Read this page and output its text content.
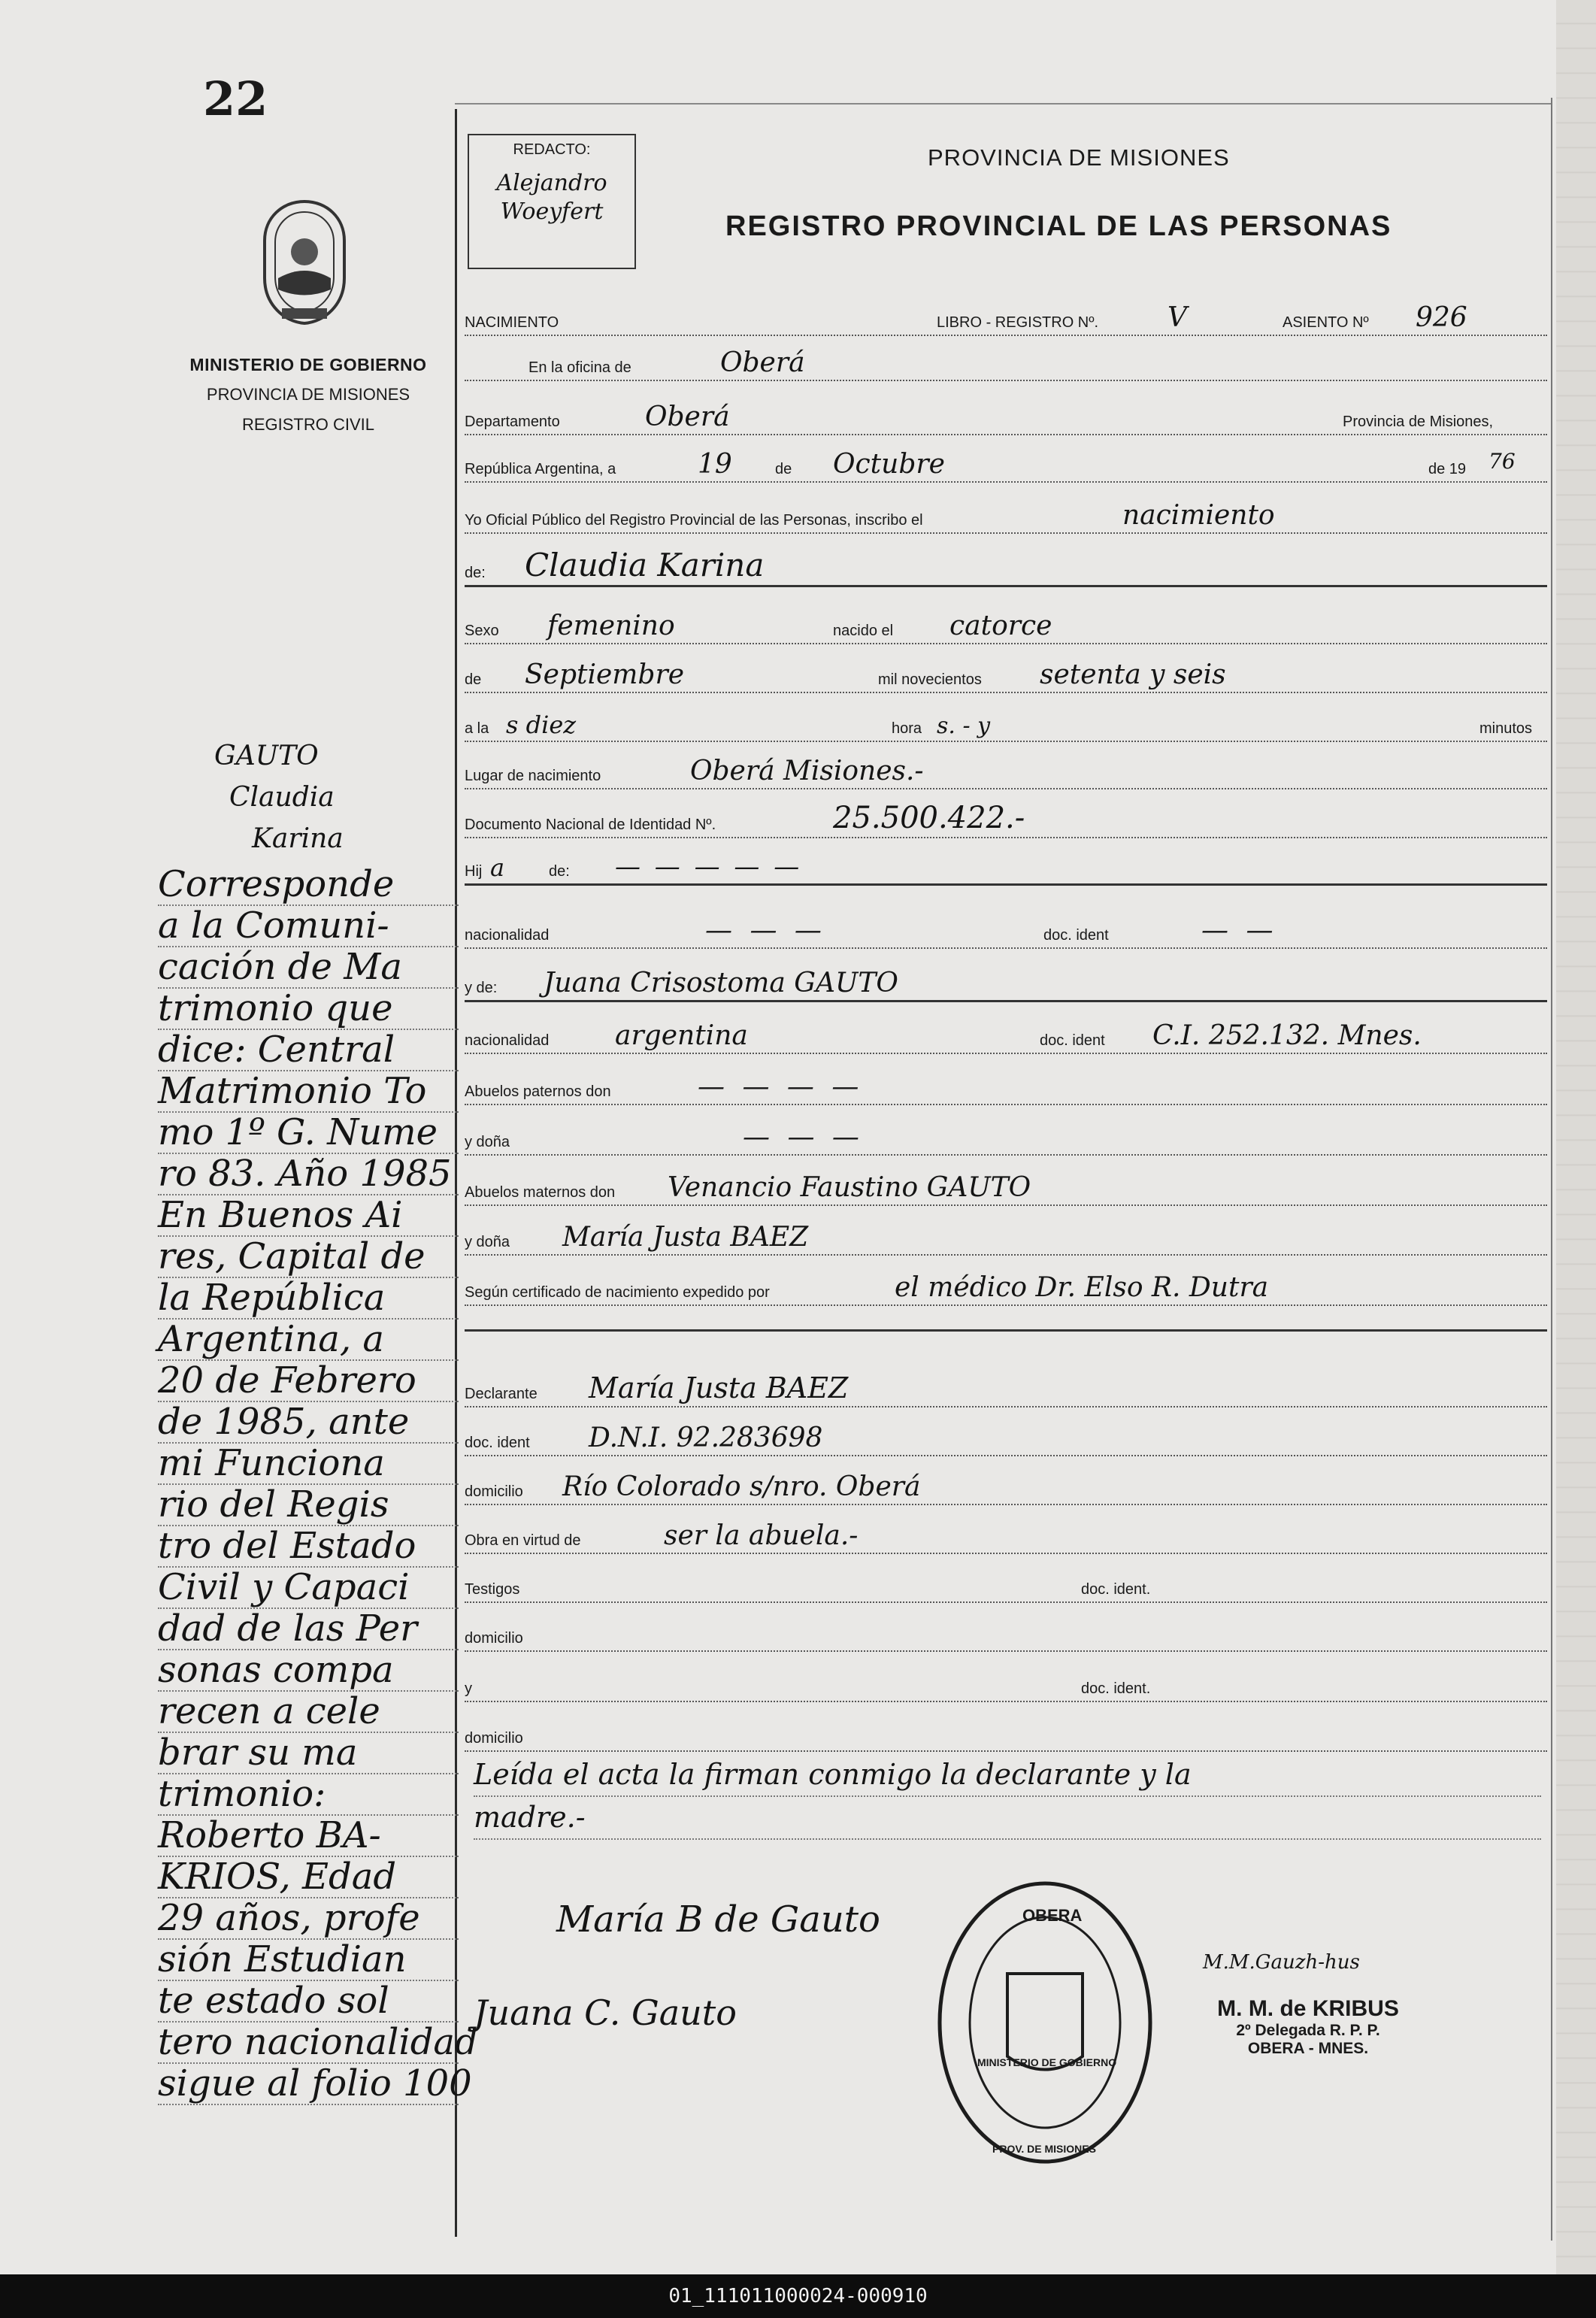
01_111011000024-000910
22
MINISTERIO DE GOBIERNO
PROVINCIA DE MISIONES
REGISTRO CIVIL
REDACTO:
Alejandro Woeyfert
PROVINCIA DE MISIONES
REGISTRO PROVINCIAL DE LAS PERSONAS
NACIMIENTO	LIBRO - REGISTRO Nº.	V	ASIENTO Nº 926
En la oficina de	Oberá
Departamento	Oberá	Provincia de Misiones,
República Argentina, a	19	de Octubre	de 19 76
Yo Oficial Público del Registro Provincial de las Personas, inscribo el	nacimiento
de: Claudia Karina
Sexo femenino	nacido el catorce
de Septiembre	mil novecientos setenta y seis
a la s diez	hora s. - y	minutos
Lugar de nacimiento	Oberá Misiones.-
Documento Nacional de Identidad Nº.	25.500.422.-
Hij a	de: — — — — —
nacionalidad	— — —	doc. ident	— —
y de: Juana Crisostoma GAUTO
nacionalidad argentina	doc. ident C.I. 252.132. Mnes.
Abuelos paternos don	— — — —
y doña	— — —
Abuelos maternos don Venancio Faustino GAUTO
y doña María Justa BAEZ
Según certificado de nacimiento expedido por	el médico Dr. Elso R. Dutra
Declarante María Justa BAEZ
doc. ident D.N.I. 92.283698
domicilio Río Colorado s/nro. Oberá
Obra en virtud de	ser la abuela.-
Testigos	doc. ident.
domicilio
y	doc. ident.
domicilio
Leída el acta la firman conmigo la declarante y la
madre.-
María B de Gauto
Juana C. Gauto
M.M.Gauzh-hus
OBERA
MINISTERIO DE GOBIERNO
PROV. DE MISIONES
M. M. de KRIBUS
2º Delegada R. P. P.
OBERA - MNES.
GAUTO
Claudia
Karina
Corresponde
a la Comuni-
cación de Ma
trimonio que
dice: Central
Matrimonio To
mo 1º G. Nume
ro 83. Año 1985
En Buenos Ai
res, Capital de
la República
Argentina, a
20 de Febrero
de 1985, ante
mi Funciona
rio del Regis
tro del Estado
Civil y Capaci
dad de las Per
sonas compa
recen a cele
brar su ma
trimonio:
Roberto BA-
KRIOS, Edad
29 años, profe
sión Estudian
te estado sol
tero nacionalidad
sigue al folio 100
